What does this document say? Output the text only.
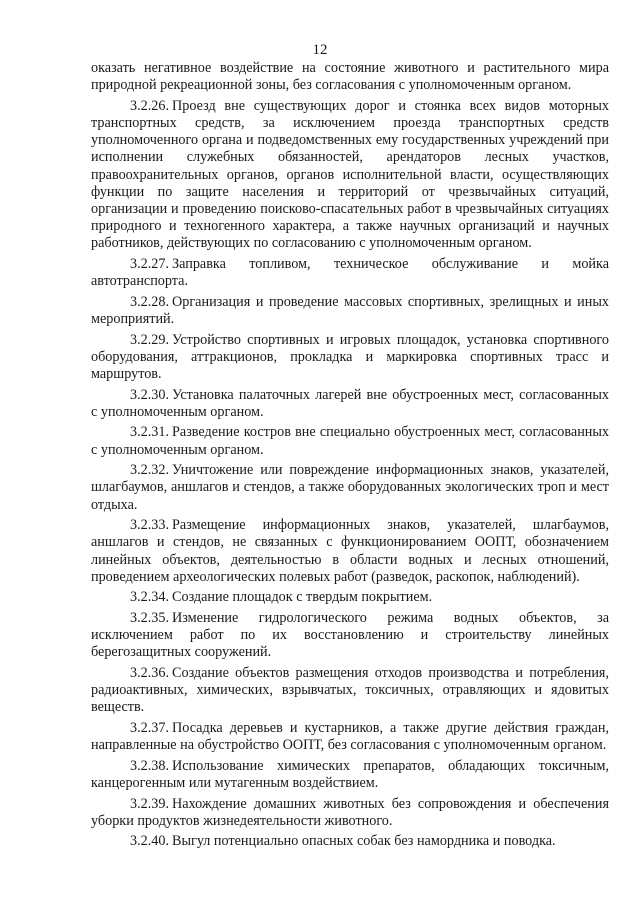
12

оказать негативное воздействие на состояние животного и растительного мира природной рекреационной зоны, без согласования с уполномоченным органом.

3.2.26. Проезд вне существующих дорог и стоянка всех видов моторных транспортных средств, за исключением проезда транспортных средств уполномоченного органа и подведомственных ему государственных учреждений при исполнении служебных обязанностей, арендаторов лесных участков, правоохранительных органов, органов исполнительной власти, осуществляющих функции по защите населения и территорий от чрезвычайных ситуаций, организации и проведению поисково-спасательных работ в чрезвычайных ситуациях природного и техногенного характера, а также научных организаций и научных работников, действующих по согласованию с уполномоченным органом.

3.2.27. Заправка топливом, техническое обслуживание и мойка автотранспорта.

3.2.28. Организация и проведение массовых спортивных, зрелищных и иных мероприятий.

3.2.29. Устройство спортивных и игровых площадок, установка спортивного оборудования, аттракционов, прокладка и маркировка спортивных трасс и маршрутов.

3.2.30. Установка палаточных лагерей вне обустроенных мест, согласованных с уполномоченным органом.

3.2.31. Разведение костров вне специально обустроенных мест, согласованных с уполномоченным органом.

3.2.32. Уничтожение или повреждение информационных знаков, указателей, шлагбаумов, аншлагов и стендов, а также оборудованных экологических троп и мест отдыха.

3.2.33. Размещение информационных знаков, указателей, шлагбаумов, аншлагов и стендов, не связанных с функционированием ООПТ, обозначением линейных объектов, деятельностью в области водных и лесных отношений, проведением археологических полевых работ (разведок, раскопок, наблюдений).

3.2.34. Создание площадок с твердым покрытием.

3.2.35. Изменение гидрологического режима водных объектов, за исключением работ по их восстановлению и строительству линейных берегозащитных сооружений.

3.2.36. Создание объектов размещения отходов производства и потребления, радиоактивных, химических, взрывчатых, токсичных, отравляющих и ядовитых веществ.

3.2.37. Посадка деревьев и кустарников, а также другие действия граждан, направленные на обустройство ООПТ, без согласования с уполномоченным органом.

3.2.38. Использование химических препаратов, обладающих токсичным, канцерогенным или мутагенным воздействием.

3.2.39. Нахождение домашних животных без сопровождения и обеспечения уборки продуктов жизнедеятельности животного.

3.2.40. Выгул потенциально опасных собак без намордника и поводка.
